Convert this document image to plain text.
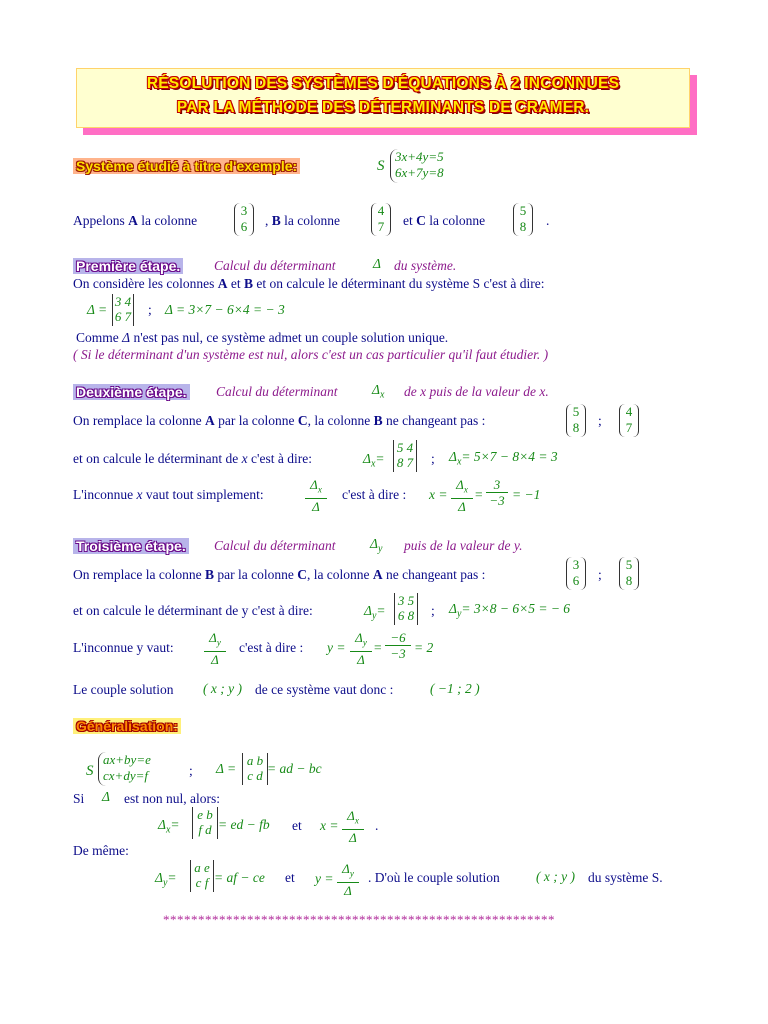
RÉSOLUTION DES SYSTÈMES D'ÉQUATIONS À 2 INCONNUES
PAR LA MÉTHODE DES DÉTERMINANTS DE CRAMER.
Système étudié à titre d'exemple:	S
3x+4y=5
6x+7y=8
Appelons A la colonne
3
6	, B la colonne
4
7	et C la colonne
5
8	.
Première étape. Calcul du déterminant	Δ du système.
On considère les colonnes A et B et on calcule le déterminant du système S c'est à dire:
Δ =
3 4
6 7 ; Δ = 3×7 − 6×4 = − 3
Comme Δ n'est pas nul, ce système admet un couple solution unique.
( Si le déterminant d'un système est nul, alors c'est un cas particulier qu'il faut étudier. )
Deuxième étape. Calcul du déterminant	$\Delta_x$ de x puis de la valeur de x.
On remplace la colonne A par la colonne C, la colonne B ne changeant pas :
5
8	;
4
7
et on calcule le déterminant de x c'est à dire:	$\Delta_x=$
5 4
8 7 ; $\Delta_x= 5\times 7 - 8\times 4 = 3$
L'inconnue x vaut tout simplement:	$\frac{\Delta_x}{\Delta} c'est$ à dire : $x = \frac{\Delta_x}{\Delta} = \frac{3}{-3} = -1$
Troisième étape. Calcul du déterminant	$\Delta_y$ puis de la valeur de y.
On remplace la colonne B par la colonne C, la colonne A ne changeant pas :
3
6	;
5
8
et on calcule le déterminant de y c'est à dire:	$\Delta_y=$
3 5
6 8 ; $\Delta_y= 3\times 8 - 6\times 5$ = − 6
L'inconnue y vaut: $\frac{\Delta_y}{\Delta} c'est$ à dire : $y = \frac{\Delta_y}{\Delta} = \frac{-6}{-3} = 2$
Le couple solution ( x ; y ) de ce système vaut donc :	( −1 ; 2 )
Généralisation:
S
ax+by=e
cx+dy=f	; Δ =
a b
c d = ad − bc
Si Δ est non nul, alors:
$\Delta_x=$
e b
f d = ed − fb et $x = \frac{\Delta_x}{\Delta}$ .
De même:
$\Delta_y=$
a e
c f = af − ce et $y = \frac{\Delta_y}{\Delta}$ . D'où le couple solution	( x ; y ) du système S.
********************************************************
